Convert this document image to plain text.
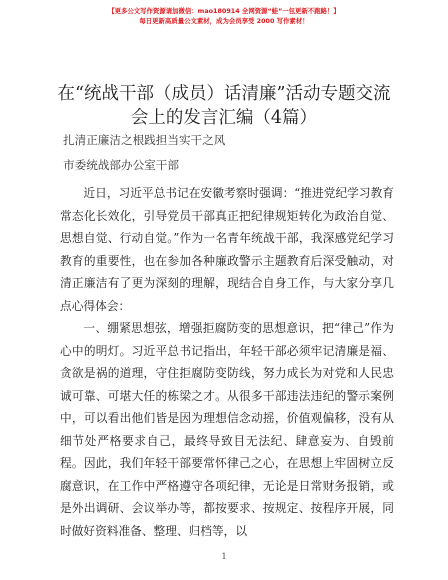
【更多公文写作资源请加微信：mao180914 全网资源“蛙”一包更新不跑路！】
每日更新高质量公文素材，成为会员享受 2000 写作素材！
在“统战干部（成员）话清廉”活动专题交流会上的发言汇编（4篇）
扎清正廉洁之根践担当实干之风
市委统战部办公室干部

近日，习近平总书记在安徽考察时强调：“推进党纪学习教育常态化长效化，引导党员干部真正把纪律规矩转化为政治自觉、思想自觉、行动自觉。”作为一名青年统战干部，我深感党纪学习教育的重要性，也在参加各种廉政警示主题教育后深受触动，对清正廉洁有了更为深刻的理解，现结合自身工作，与大家分享几点心得体会：

一、绷紧思想弦，增强拒腐防变的思想意识，把“律己”作为心中的明灯。习近平总书记指出，年轻干部必须牢记清廉是福、贪欲是祸的道理，守住拒腐防变防线，努力成长为对党和人民忠诚可靠、可堪大任的栋梁之才。从很多干部违法违纪的警示案例中，可以看出他们皆是因为理想信念动摇，价值观偏移，没有从细节处严格要求自己，最终导致目无法纪、肆意妄为、自毁前程。因此，我们年轻干部要常怀律己之心，在思想上牢固树立反腐意识，在工作中严格遵守各项纪律，无论是日常财务报销，或是外出调研、会议举办等，都按要求、按规定、按程序开展，同时做好资料准备、整理、归档等，以

1
